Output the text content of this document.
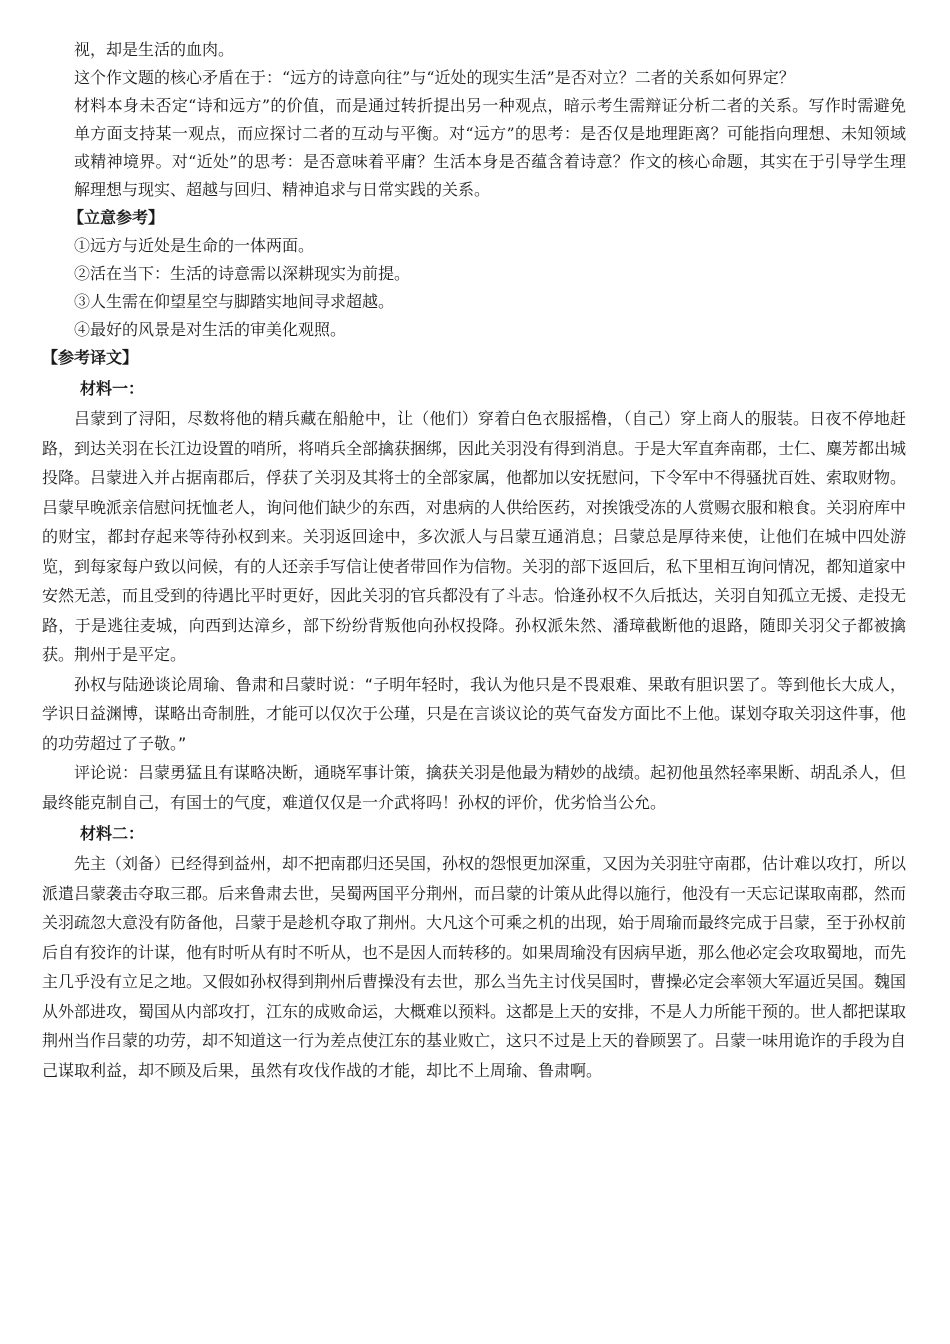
视，却是生活的血肉。

这个作文题的核心矛盾在于：“远方的诗意向往”与“近处的现实生活”是否对立？二者的关系如何界定？

材料本身未否定“诗和远方”的价值，而是通过转折提出另一种观点，暗示考生需辩证分析二者的关系。写作时需避免单方面支持某一观点，而应探讨二者的互动与平衡。对“远方”的思考：是否仅是地理距离？可能指向理想、未知领域或精神境界。对“近处”的思考：是否意味着平庸？生活本身是否蕴含着诗意？作文的核心命题，其实在于引导学生理解理想与现实、超越与回归、精神追求与日常实践的关系。

【立意参考】

①远方与近处是生命的一体两面。

②活在当下：生活的诗意需以深耕现实为前提。

③人生需在仰望星空与脚踏实地间寻求超越。

④最好的风景是对生活的审美化观照。

【参考译文】

材料一：

吕蒙到了浔阳，尽数将他的精兵藏在船舱中，让（他们）穿着白色衣服摇橹，（自己）穿上商人的服装。日夜不停地赶路，到达关羽在长江边设置的哨所，将哨兵全部擒获捆绑，因此关羽没有得到消息。于是大军直奔南郡，士仁、麋芳都出城投降。吕蒙进入并占据南郡后，俘获了关羽及其将士的全部家属，他都加以安抚慰问，下令军中不得骚扰百姓、索取财物。吕蒙早晚派亲信慰问抚恤老人，询问他们缺少的东西，对患病的人供给医药，对挨饿受冻的人赏赐衣服和粮食。关羽府库中的财宝，都封存起来等待孙权到来。关羽返回途中，多次派人与吕蒙互通消息；吕蒙总是厚待来使，让他们在城中四处游览，到每家每户致以问候，有的人还亲手写信让使者带回作为信物。关羽的部下返回后，私下里相互询问情况，都知道家中安然无恙，而且受到的待遇比平时更好，因此关羽的官兵都没有了斗志。恰逢孙权不久后抵达，关羽自知孤立无援、走投无路，于是逃往麦城，向西到达漳乡，部下纷纷背叛他向孙权投降。孙权派朱然、潘璋截断他的退路，随即关羽父子都被擒获。荆州于是平定。

孙权与陆逊谈论周瑜、鲁肃和吕蒙时说：“子明年轻时，我认为他只是不畏艰难、果敢有胆识罢了。等到他长大成人，学识日益渊博，谋略出奇制胜，才能可以仅次于公瑾，只是在言谈议论的英气奋发方面比不上他。谋划夺取关羽这件事，他的功劳超过了子敬。”

评论说：吕蒙勇猛且有谋略决断，通晓军事计策，擒获关羽是他最为精妙的战绩。起初他虽然轻率果断、胡乱杀人，但最终能克制自己，有国士的气度，难道仅仅是一介武将吗！孙权的评价，优劣恰当公允。

材料二：

先主（刘备）已经得到益州，却不把南郡归还吴国，孙权的怨恨更加深重，又因为关羽驻守南郡，估计难以攻打，所以派遣吕蒙袭击夺取三郡。后来鲁肃去世，吴蜀两国平分荆州，而吕蒙的计策从此得以施行，他没有一天忘记谋取南郡，然而关羽疏忽大意没有防备他，吕蒙于是趁机夺取了荆州。大凡这个可乘之机的出现，始于周瑜而最终完成于吕蒙，至于孙权前后自有狡诈的计谋，他有时听从有时不听从，也不是因人而转移的。如果周瑜没有因病早逝，那么他必定会攻取蜀地，而先主几乎没有立足之地。又假如孙权得到荆州后曹操没有去世，那么当先主讨伐吴国时，曹操必定会率领大军逼近吴国。魏国从外部进攻，蜀国从内部攻打，江东的成败命运，大概难以预料。这都是上天的安排，不是人力所能干预的。世人都把谋取荆州当作吕蒙的功劳，却不知道这一行为差点使江东的基业败亡，这只不过是上天的眷顾罢了。吕蒙一味用诡诈的手段为自己谋取利益，却不顾及后果，虽然有攻伐作战的才能，却比不上周瑜、鲁肃啊。
